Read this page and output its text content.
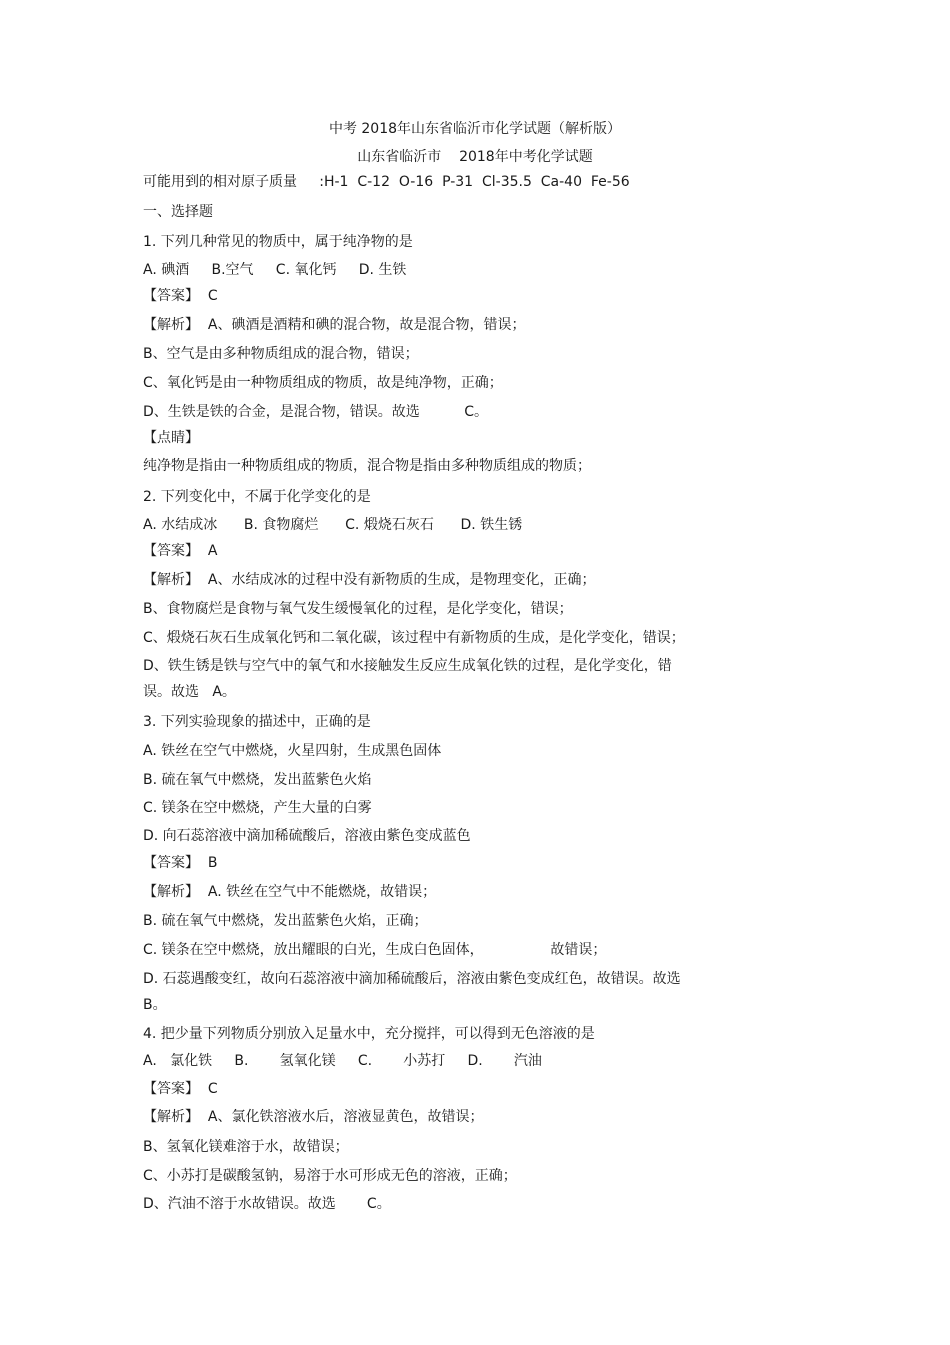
中考 2018年山东省临沂市化学试题（解析版）
山东省临沂市    2018年中考化学试题
可能用到的相对原子质量     :H-1  C-12  O-16  P-31  Cl-35.5  Ca-40  Fe-56
一、选择题
1. 下列几种常见的物质中，属于纯净物的是
A. 碘酒     B.空气     C. 氧化钙     D. 生铁
【答案】  C
【解析】  A、碘酒是酒精和碘的混合物，故是混合物，错误；
B、空气是由多种物质组成的混合物，错误；
C、氧化钙是由一种物质组成的物质，故是纯净物，正确；
D、生铁是铁的合金，是混合物，错误。故选          C。
【点睛】
纯净物是指由一种物质组成的物质，混合物是指由多种物质组成的物质；
2. 下列变化中，不属于化学变化的是
A. 水结成冰      B. 食物腐烂      C. 煅烧石灰石      D. 铁生锈
【答案】  A
【解析】  A、水结成冰的过程中没有新物质的生成，是物理变化，正确；
B、食物腐烂是食物与氧气发生缓慢氧化的过程，是化学变化，错误；
C、煅烧石灰石生成氧化钙和二氧化碳，该过程中有新物质的生成，是化学变化，错误；
D、铁生锈是铁与空气中的氧气和水接触发生反应生成氧化铁的过程，是化学变化，错
误。故选   A。
3. 下列实验现象的描述中，正确的是
A. 铁丝在空气中燃烧，火星四射，生成黑色固体
B. 硫在氧气中燃烧，发出蓝紫色火焰
C. 镁条在空中燃烧，产生大量的白雾
D. 向石蕊溶液中滴加稀硫酸后，溶液由紫色变成蓝色
【答案】  B
【解析】  A. 铁丝在空气中不能燃烧，故错误；
B. 硫在氧气中燃烧，发出蓝紫色火焰，正确；
C. 镁条在空中燃烧，放出耀眼的白光，生成白色固体，               故错误；
D. 石蕊遇酸变红，故向石蕊溶液中滴加稀硫酸后，溶液由紫色变成红色，故错误。故选
B。
4. 把少量下列物质分别放入足量水中，充分搅拌，可以得到无色溶液的是
A.   氯化铁     B.       氢氧化镁     C.       小苏打     D.       汽油
【答案】  C
【解析】  A、氯化铁溶液水后，溶液显黄色，故错误；
B、氢氧化镁难溶于水，故错误；
C、小苏打是碳酸氢钠，易溶于水可形成无色的溶液，正确；
D、汽油不溶于水故错误。故选       C。
